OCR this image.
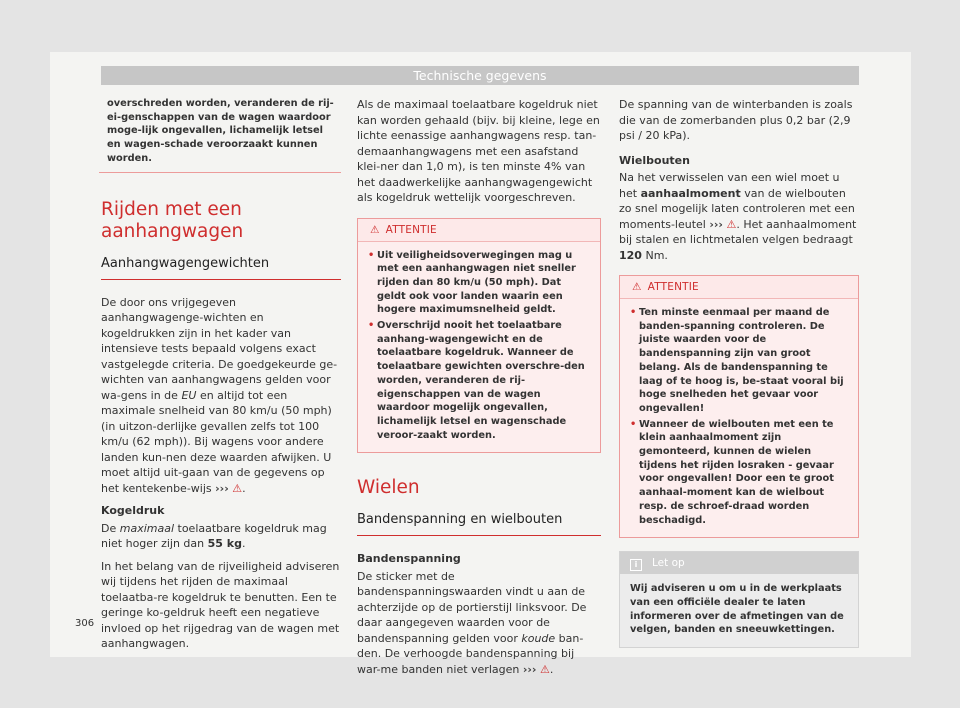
Technische gegevens
overschreden worden, veranderen de rij-ei-genschappen van de wagen waardoor moge-lijk ongevallen, lichamelijk letsel en wagen-schade veroorzaakt kunnen worden.
Rijden met een aanhangwagen
Aanhangwagengewichten

De door ons vrijgegeven aanhangwagenge-wichten en kogeldrukken zijn in het kader van intensieve tests bepaald volgens exact vastgelegde criteria. De goedgekeurde ge-wichten van aanhangwagens gelden voor wa-gens in de EU en altijd tot een maximale snelheid van 80 km/u (50 mph) (in uitzon-derlijke gevallen zelfs tot 100 km/u (62 mph)). Bij wagens voor andere landen kun-nen deze waarden afwijken. U moet altijd uit-gaan van de gegevens op het kentekenbe-wijs ››› ⚠.

Kogeldruk

De maximaal toelaatbare kogeldruk mag niet hoger zijn dan 55 kg.

In het belang van de rijveiligheid adviseren wij tijdens het rijden de maximaal toelaatba-re kogeldruk te benutten. Een te geringe ko-geldruk heeft een negatieve invloed op het rijgedrag van de wagen met aanhangwagen.

Als de maximaal toelaatbare kogeldruk niet kan worden gehaald (bijv. bij kleine, lege en lichte eenassige aanhangwagens resp. tan-demaanhangwagens met een asafstand klei-ner dan 1,0 m), is ten minste 4% van het daadwerkelijke aanhangwagengewicht als kogeldruk wettelijk voorgeschreven.

⚠ ATTENTIE
• Uit veiligheidsoverwegingen mag u met een aanhangwagen niet sneller rijden dan 80 km/u (50 mph). Dat geldt ook voor landen waarin een hogere maximumsnelheid geldt.
• Overschrijd nooit het toelaatbare aanhang-wagengewicht en de toelaatbare kogeldruk. Wanneer de toelaatbare gewichten overschre-den worden, veranderen de rij-eigenschappen van de wagen waardoor mogelijk ongevallen, lichamelijk letsel en wagenschade veroor-zaakt worden.
Wielen
Bandenspanning en wielbouten

Bandenspanning

De sticker met de bandenspanningswaarden vindt u aan de achterzijde op de portierstijl linksvoor. De daar aangegeven waarden voor de bandenspanning gelden voor koude ban-den. De verhoogde bandenspanning bij war-me banden niet verlagen ››› ⚠.

De spanning van de winterbanden is zoals die van de zomerbanden plus 0,2 bar (2,9 psi / 20 kPa).

Wielbouten

Na het verwisselen van een wiel moet u het aanhaalmoment van de wielbouten zo snel mogelijk laten controleren met een moments-leutel ››› ⚠. Het aanhaalmoment bij stalen en lichtmetalen velgen bedraagt 120 Nm.

⚠ ATTENTIE
• Ten minste eenmaal per maand de banden-spanning controleren. De juiste waarden voor de bandenspanning zijn van groot belang. Als de bandenspanning te laag of te hoog is, be-staat vooral bij hoge snelheden het gevaar voor ongevallen!
• Wanneer de wielbouten met een te klein aanhaalmoment zijn gemonteerd, kunnen de wielen tijdens het rijden losraken - gevaar voor ongevallen! Door een te groot aanhaal-moment kan de wielbout resp. de schroef-draad worden beschadigd.
i Let op
Wij adviseren u om u in de werkplaats van een officiële dealer te laten informeren over de afmetingen van de velgen, banden en sneeuwkettingen.
306
